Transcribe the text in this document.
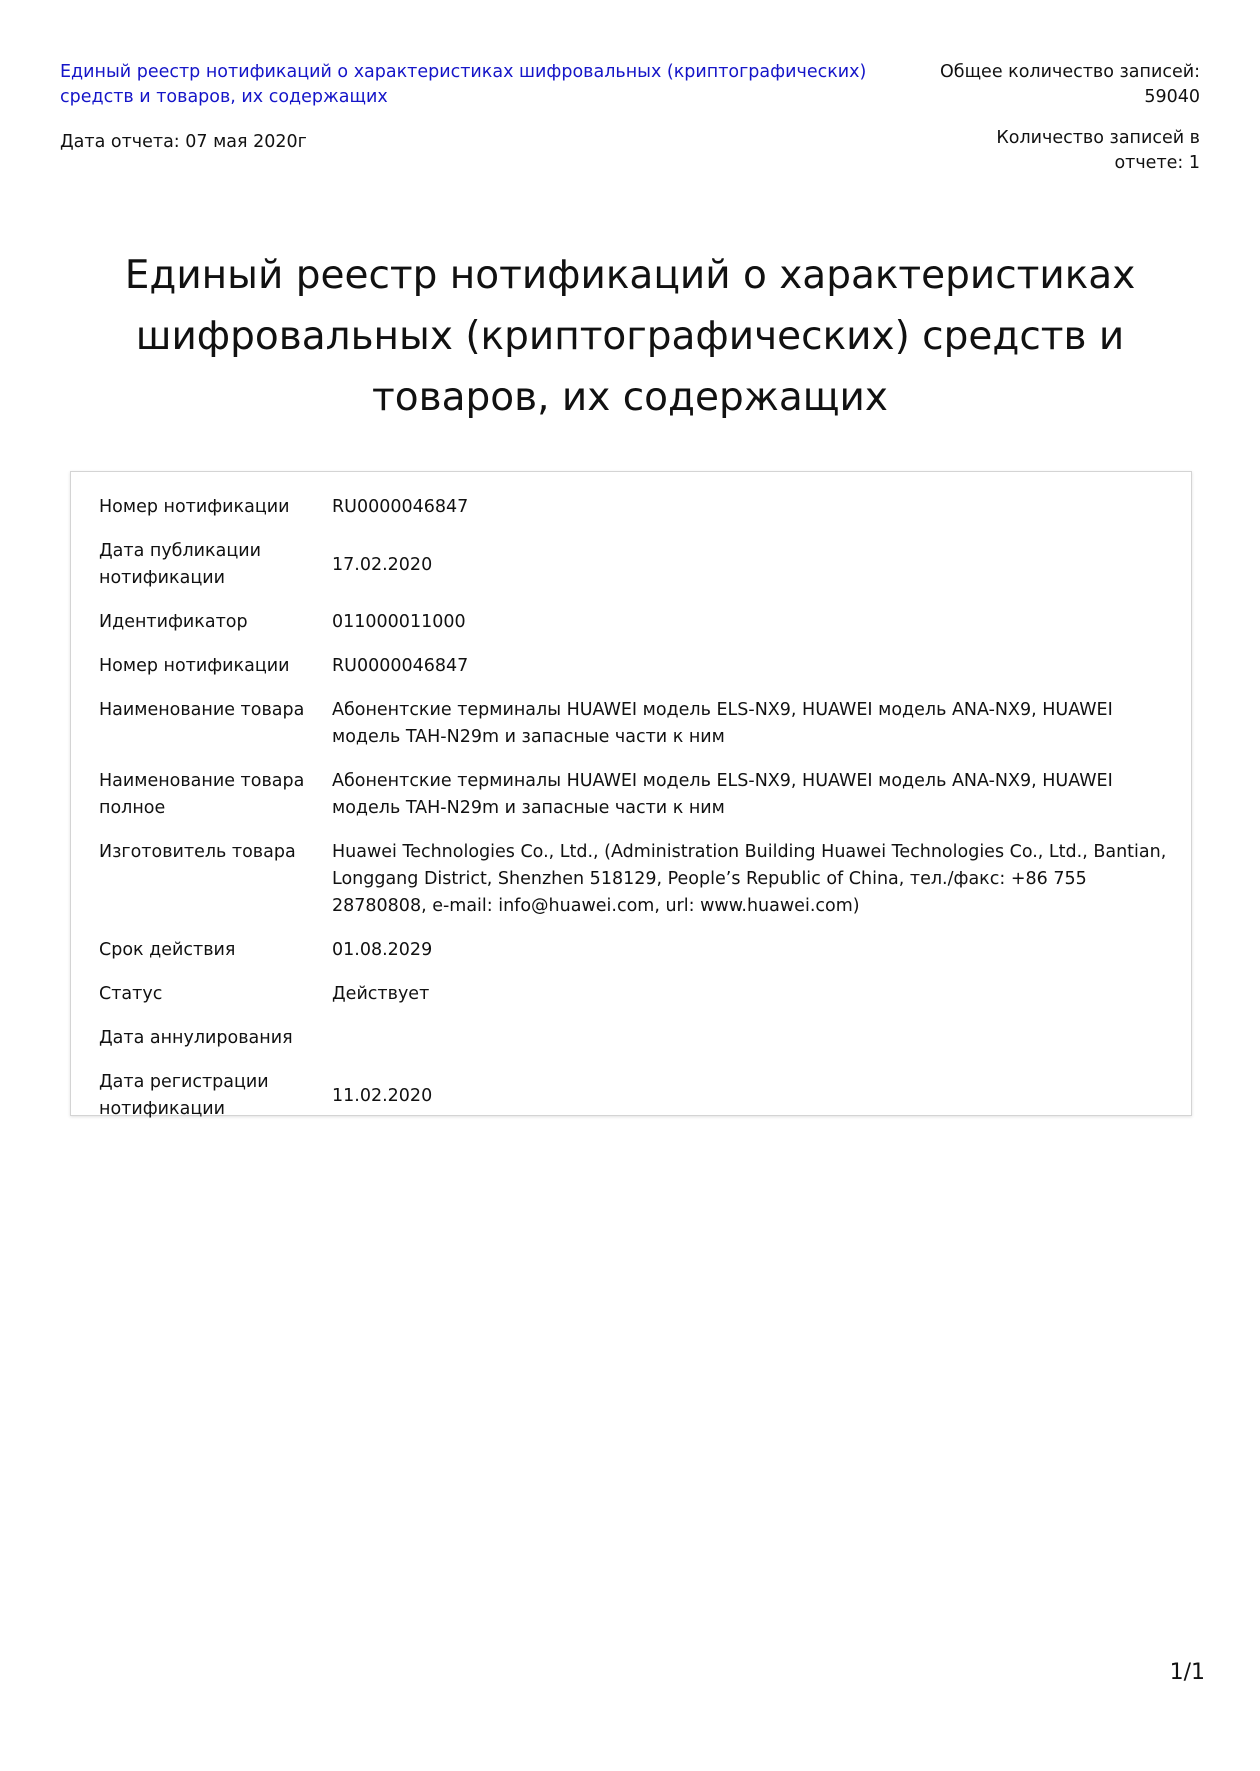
Единый реестр нотификаций о характеристиках шифровальных (криптографических) средств и товаров, их содержащих
Дата отчета: 07 мая 2020г
Общее количество записей: 59040
Количество записей в отчете: 1
Единый реестр нотификаций о характеристиках шифровальных (криптографических) средств и товаров, их содержащих
Номер нотификации	RU0000046847
Дата публикации нотификации	17.02.2020
Идентификатор	011000011000
Номер нотификации	RU0000046847
Наименование товара	Абонентские терминалы HUAWEI модель ELS-NX9, HUAWEI модель ANA-NX9, HUAWEI модель TAH-N29m и запасные части к ним
Наименование товара полное	Абонентские терминалы HUAWEI модель ELS-NX9, HUAWEI модель ANA-NX9, HUAWEI модель TAH-N29m и запасные части к ним
Изготовитель товара	Huawei Technologies Co., Ltd., (Administration Building Huawei Technologies Co., Ltd., Bantian, Longgang District, Shenzhen 518129, People’s Republic of China, тел./факс: +86 755 28780808, e-mail: info@huawei.com, url: www.huawei.com)
Срок действия	01.08.2029
Статус	Действует
Дата аннулирования	
Дата регистрации нотификации	11.02.2020
1/1
